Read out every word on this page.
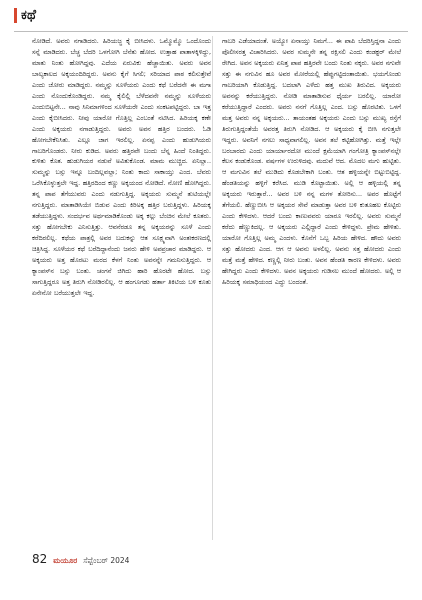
ಕಥೆ

ನೋಡಿದೆ. ಅವರು ನಗಾಡಿದರು. ಹಿರಿಯಜ್ಜ ಕೈ ಬೀಸಿದಳು. ಒಮ್ಮೊಮ್ಮೊ ಒಂದೊಂದು ಸನ್ನೆ ಮಾಡಿದರು. ಬೆಚ್ಚ ಬೆದರಿ ಒಳಗೋಗಿ ಬೆನೆತು ಹೋದ. ಉತ್ತಾಹ ಪಾತಾಳಕ್ಕಿಳಿದ್ದು, ಮಾತು ನಿಂತು ಹೋಗಿದ್ದವು. ಎದೆಯ ಏರುವಿಕು ಹೆಚ್ಚಾಯಿತು. ಅವರು ಅವನ ಬಾಲ್ಯಕಾಲದ ಅಕ್ಕಯಂದಿರಿದ್ದರು. ಅವನು ಕೈಗೆ ಸಿಗಲಿ; ಸರಿಯಾದ ಪಾಠ ಕಲಿಸುತ್ತೇವೆ ಎಂದು ಜೋರು ಮಾಡಿದ್ದರು. ನಮ್ಮನ್ನು ಸೂಳೆಯರು ಎಂದು ಕಥೆ ಬರೆದನೇ ಈ ಮಗಾ ಎಂದು ನೊಂದುಕೊಂಡಿದ್ದರು. ನಮ್ಮ ಕೈಲಿಲ್ಲಿ ಬೆಳೆದವನೇ ನಮ್ಮನ್ನು ಸೂಳೆಯರು ಎಂದುಬಿಟ್ಟನೇ... ನಾವು ಸಿನಿಮಾಗಳಿಂದ ಸೂಳೆಯರೇ ಎಂದು ಸಂಕಟಪಟ್ಟಿದ್ದರು. ಬಾ ಇತ್ತ ಎಂದು ಕೈಬೀಸಿದರು. ನೀವು ಯಾರೋ ಗೊತ್ತಿಲ್ಲ ಎಂಬಂತೆ ನಟಿಸಿದ. ಹಿರಿಯಕ್ಕ ಕಣೇ ಎಂದು ಅಕ್ಕಯರು ನಗಾಡುತ್ತಿದ್ದರು. ಅವರು ಅವನ ಹತ್ತಿರ ಬಂದರು. ಓಡಿ ಹೋಗಬೇಕೆನಿಸಿತು. ಎಲ್ಲೂ ಜಾಗ ಇರಲಿಲ್ಲ. ಏನಪ್ಪ ಎಂದು ಹುಡುಗಿಯರು ಗಾಬರಿಗೊಂಡರು. ನೀರು ಕುಡಿದ. ಅವರು ಹತ್ತಿರವೇ ಬಂದು ಬೆನ್ನ ಹಿಂದೆ ನಿಂತಿದ್ದರು. ಕುಳಿತು ಕೊತ. ಹುಡುಗಿಯರ ನಡುವೆ ಅವಿತುಕೊಂಡ. ಮಾಮ ಮುಚ್ಚಿದ. ಏನಿಲ್ಲಾ.. ಸುಮ್ಮನ್ನು ಬಸ್ಸು ಇನ್ನೂ ಬಂದಿಲ್ಲವಲ್ಲಾ; ನಿಂತು ಕಾದು ಸಾಕಾಯ್ತು ಎಂದ. ಬೆವರು ಒರೆಸಿಕೊಳ್ಳುತ್ತಲೇ ಇದ್ದ. ಹತ್ತಿರದಿಂದ ಕಣ್ಣು ಅಕ್ಕಯಂದ ನೋಡಿದೆ. ನೋಣಿ ಹೋಗಿದ್ದರು. ತನ್ನ ಪಾಪ ತೆಗೆಯುವರು ಎಂದು ನಡುಗುತ್ತಿದ್ದ. ಅಕ್ಕಯರು ಸುಮ್ಮನೆ ತುಟಿಯಲ್ಲೇ ನಗುತ್ತಿದ್ದರು. ಮಾತಾಡಿಸಿಯೇ ಬಿಡುವ ಎಂದು ಕಿರಿಅಕ್ಕ ಹತ್ತಿರ ಬರುತ್ತಿದ್ದಳು. ಹಿರಿಯಕ್ಕ ತಡೆಯುತ್ತಿದ್ದಳು. ಸಂದರ್ಭವ ಅರ್ಥಮಾಡಿಕೊಂಡು ಅಕ್ಕ ಕಲ್ಲು ಬೆಂಚಿನ ಮೇಲೆ ಕೂತರು. ಸತ್ತು ಹೋಗಬೇಕು ಎನಿಸುತ್ತಿತ್ತು. ಆವನೆರಡೂ ತನ್ನ ಅಕ್ಕಯರನ್ನು ಸೂಳೆ ಎಂದು ಕರೆದಿರಲಿಲ್ಲ. ಕಥೆಯ ಪಾತ್ರಲ್ಲಿ ಅವರ ಬದುಕನ್ನು ಆತ ಸೂಕ್ಷ್ಮವಾಗಿ ಅಂತಃಕರಣದಲ್ಲಿ ಚಿತ್ರಿಸಿದ್ದ. ಸೂಳೆಯರ ಕಥೆ ಬರೆದಿದ್ದಾನೆಂದು ಜನರು ಹೇಳಿ ಅಪಪ್ರಚಾರ ಮಾಡಿದ್ದರು. ಆ ಅಕ್ಕಯರು ಅತ್ತ ಹೊರಟು ಮರದ ಕೆಳಗೆ ನಿಂತು ಅವನನ್ನೇ ಗಮನಿಸುತ್ತಿದ್ದರು. ಆ ಕ್ಯಾಂಪಸ್‌ನ ಬಸ್ಸು ಬಂತು. ಚಂಗನೆ ಜಿಗಿದು ಹಾರಿ ಹೊರಟೇ ಹೋದ. ಬಸ್ಸು ಸಾಗುತ್ತಿದ್ದರೂ ಅತ್ತ ತಿರುಗಿ ನೋಡಿರಲಿಲ್ಲ. ಆ ಹಂಗೂಗಡು ಹರ್ತಾ ತಿಕಿಟಿಯ ಬಳಿ ಕೂತು ಏನೇನೋ ಬರೆಯುತ್ತಲೇ ಇದ್ದ.

ಗಾಬರಿ ಎಡೆಯಾದಂತೆ. ಅಯ್ಯೋ ಏನಾಯ್ತು ನಿಮಗೆ... ಈ ಪಾಪಿ ಬೆದರಿಸ್ತಿದ್ದನಾ ಎಂದು ಪೊಲೀಸರತ್ತ ವಿಚಾರಿಸಿದರು. ಅವರ ಸುಮ್ಮನೇ ತನ್ನ ರಕ್ಷಿಸಲಿ ಎಂದು ಕಂಡಕ್ಟರ್ ಮೇಲೆ ರೇಗಿದ. ಅವನ ಅಕ್ಕಯರು ಏನಿತ್ತ ಪಾಪ ಹತ್ತಿರವೇ ಬಂದು ನಿಂತು ನಕ್ಕರು. ಅವರ ನಗುವೇ ಸತ್ತು ಈ ನಗುವಿನ ಹೂ ಅವರ ಮೋರೆಯಲ್ಲಿ ಹೆಪ್ಪುಗಟ್ಟಿದಂತಾಯಿತು. ಭಯಗೊಂಡು ಗಾಬರಿಯಾಗಿ ಕೊಡುತ್ತಿದ್ದ. ಬದಲಾಗಿ ಎಳೆದು ಹತ್ತ ಮುಖ ತಿರುವಿದ. ಅಕ್ಕಯರು ಅವನನ್ನು ಕರೆಯುತ್ತಿದ್ದರು. ನೋಡಿ ಮಾತಾಡಿಸುವ ಧೈರ್ಯ ಬರಲಿಲ್ಲ. ಯಾರೋ ಕರೆಯುತ್ತಿದ್ದಾರೆ ಎಂದರು. ಅವರು ನನಗೆ ಗೊತ್ತಿಲ್ಲ ಎಂದ. ಬಸ್ಸು ಹೊರಟಿತು. ಒಳಗೆ ಮತ್ತ ಅವರು ನನ್ನ ಅಕ್ಕಯರು... ತಾಯಂತಹ ಅಕ್ಕಯರು ಎಂದು ಬಸ್ಸು ಮುಖ್ಯ ರಸ್ತೆಗೆ ತಿರುಗುತ್ತಿದ್ದಂತೆಯೆ ಅವರತ್ತ ತಿರುಗಿ ನೋಡಿದ. ಆ ಅಕ್ಕಯರು ಕೈ ಬೀಸಿ ನಗುತ್ತಲೇ ಇದ್ದರು. ಅವನಿಗೆ ನಗಲು ಸಾಧ್ಯವಾಗಲಿಲ್ಲ. ಅವನ ತಲೆ ಕಟ್ಟಿಹೋಗಿತ್ತು. ಮತ್ತೆ ಇಲ್ಲೇ ಬರಬಾರದು ಎಂದು ಯಾರ್ಯಾರದೋ ಮುಂದೆ ಕ್ಷಮೆಯಾಗಿ ಗಂಗೋತ್ರಿ ಕ್ಯಾಂಪಸ್‌ನಲ್ಲೇ ಕೆಲಸ ಕಂಡುಕೊಂಡ. ವರ್ಷಗಳ ಉರುಳಿದವು. ಮದುವೆ ಆದ. ಮೊದಲ ಮಗು ಹುಟ್ಟಿತು. ಆ ಮಗುವಿನ ತಲೆ ಮುಡಿದು ಕೊಡಬೇಕಾಗಿ ಬಂತು. ಆತ ಹಳ್ಳಿಯನ್ನೇ ಬಿಟ್ಟುಬಿಟ್ಟಿದ್ದ. ಹೆಂಡತಿಯನ್ನು ಹಳ್ಳಿಗೆ ಕರೆಸಿದ. ಮುಡಿ ಕೊಟ್ಟಾಯಿತು. ಅಲ್ಲಿ ಆ ಹಳ್ಳಿಯಲ್ಲಿ ತನ್ನ ಅಕ್ಕಯರು ಇರುತ್ತಾರೆ... ಅವರ ಬಳಿ ನನ್ನ ಮಗಳ ತೋರಿಸು... ಅವರ ಹೊಟ್ಟೆಗೆ ತೆಗೆಯಲಿ. ಹೆಣ್ಣುಬೀಸಿ ಆ ಅಕ್ಕಯರ ಸೇವೆ ಮಾಡುತ್ತಾ ಅವರ ಬಳಿ ಕುತೂಹಲ ಕೊಟ್ಟಿರು ಎಂದು ಕೇಳಿದಳು. ಆದರೆ ಬಂದು ಕಾಣುವವರು ಯಾರೂ ಇರಲಿಲ್ಲ. ಅವರು ಸುಮ್ಮನೆ ಕರೆದು ಹೆಣ್ಣುಕಿದಲ್ಲ. ಆ ಅಕ್ಕಯರು ಎಲ್ಲಿದ್ದಾರೆ ಎಂದು ಕೇಳಿದ್ದಳು. ಪ್ರೇಮ ಹೇಳಿತು. ಯಾರೋ ಗೊತ್ತಿಲ್ಲ ಅಮ್ಮ ಎಂದಳು. ಕೊನೆಗೆ ಒಬ್ಬ ಹಿರಿಯ ಹೇಳಿದ. ಹೌದು ಅವರು ಸತ್ತು ಹೋದರು ಎಂದ. ಆಗ ಆ ಅವನು ಅಳಲಿಲ್ಲ. ಅವನು ಸತ್ತ ಹೋದರು ಎಂದು ಮತ್ತೆ ಮತ್ತೆ ಹೇಳಿದ. ಕಣ್ಣಲ್ಲಿ ನೀರು ಬಂತು. ಅವನ ಹೆಂಡತಿ ಕಾರಣ ಕೇಳಿದಳು. ಅವರು ಹೇಗಿದ್ದರು ಎಂದು ಕೇಳಿದಳು. ಅವನ ಅಕ್ಕಯರು ಗುಡಿಸಲ ಮುಂದೆ ಹೋದರು. ಅಲ್ಲಿ ಆ ಹಿರಿಯಕ್ಕ ಸಮಾಧಿಯಂದ ಎದ್ದು ಬಂದಂತೆ.

82 ಮಯೂರ ಸೆಪ್ಟೆಂಬರ್ 2024
